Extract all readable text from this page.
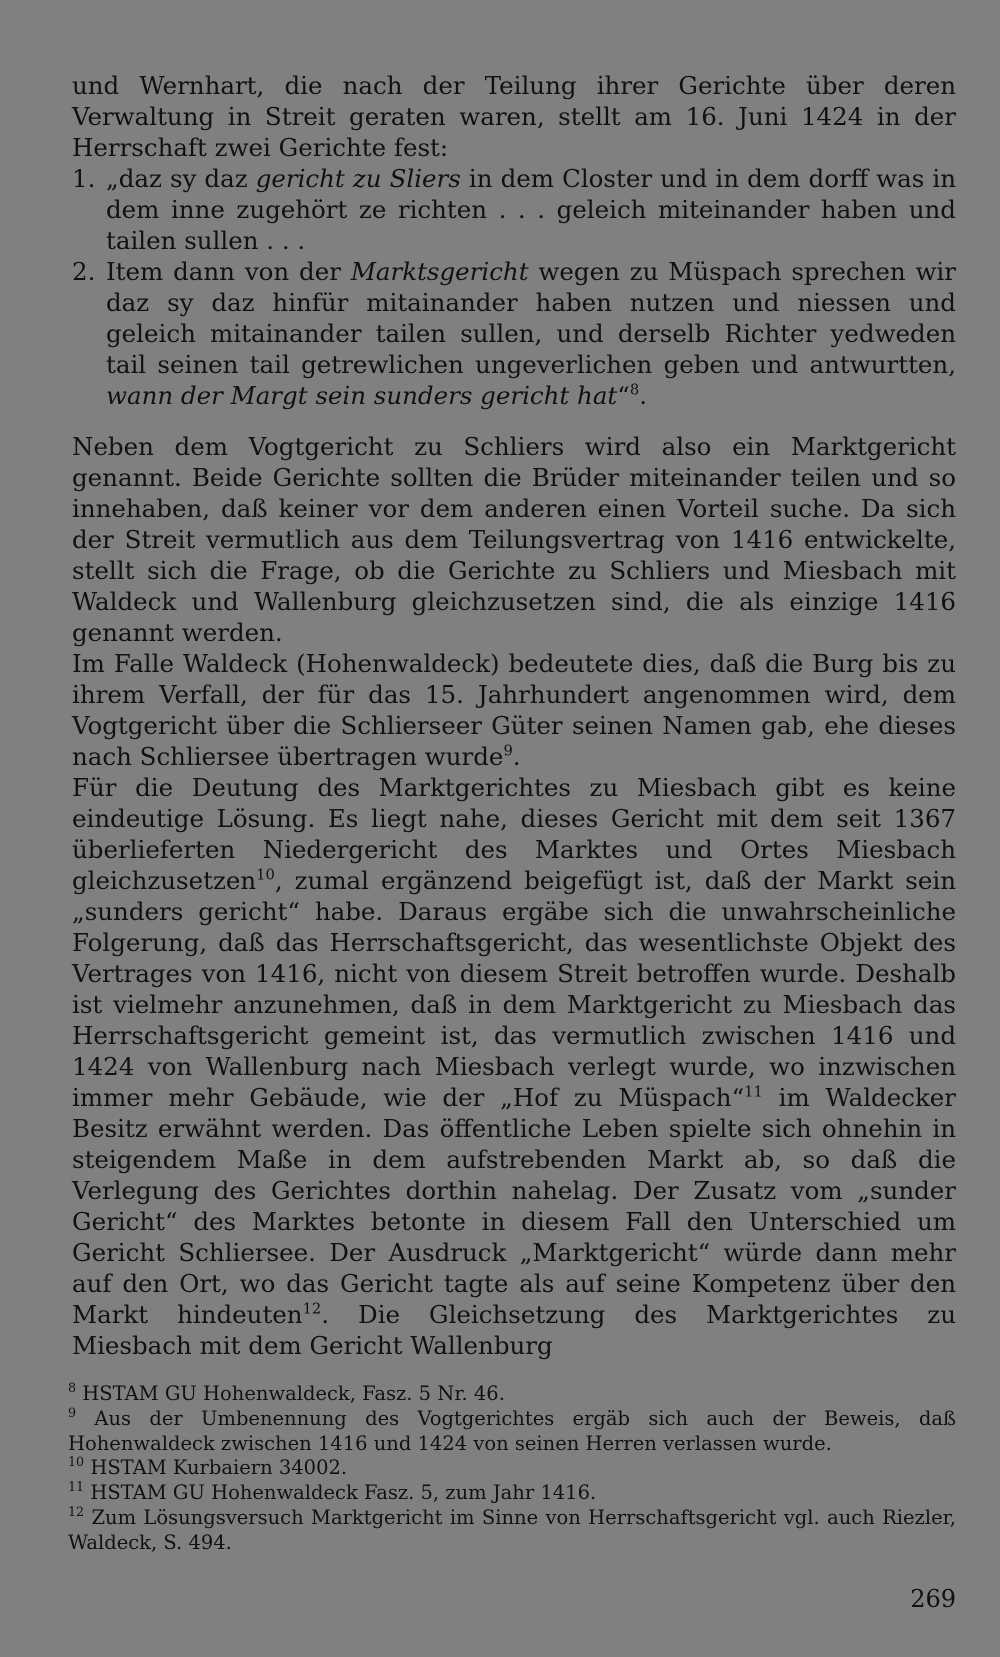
und Wernhart, die nach der Teilung ihrer Gerichte über deren Verwaltung in Streit geraten waren, stellt am 16. Juni 1424 in der Herrschaft zwei Gerichte fest:

1. „daz sy daz gericht zu Sliers in dem Closter und in dem dorff was in dem inne zugehört ze richten . . . geleich miteinander haben und tailen sullen . . .
2. Item dann von der Marktsgericht wegen zu Müspach sprechen wir daz sy daz hinfür mitainander haben nutzen und niessen und geleich mitainander tailen sullen, und derselb Richter yedweden tail seinen tail getrewlichen ungeverlichen geben und antwurtten, wann der Margt sein sunders gericht hat“$^8$.

Neben dem Vogtgericht zu Schliers wird also ein Marktgericht genannt. Beide Gerichte sollten die Brüder miteinander teilen und so innehaben, daß keiner vor dem anderen einen Vorteil suche. Da sich der Streit vermutlich aus dem Teilungsvertrag von 1416 entwickelte, stellt sich die Frage, ob die Gerichte zu Schliers und Miesbach mit Waldeck und Wallenburg gleichzusetzen sind, die als einzige 1416 genannt werden.

Im Falle Waldeck (Hohenwaldeck) bedeutete dies, daß die Burg bis zu ihrem Verfall, der für das 15. Jahrhundert angenommen wird, dem Vogtgericht über die Schlierseer Güter seinen Namen gab, ehe dieses nach Schliersee übertragen wurde$^9$.

Für die Deutung des Marktgerichtes zu Miesbach gibt es keine eindeutige Lösung. Es liegt nahe, dieses Gericht mit dem seit 1367 überlieferten Niedergericht des Marktes und Ortes Miesbach gleichzusetzen$^{10}$, zumal ergänzend beigefügt ist, daß der Markt sein „sunders gericht“ habe. Daraus ergäbe sich die unwahrscheinliche Folgerung, daß das Herrschaftsgericht, das wesentlichste Objekt des Vertrages von 1416, nicht von diesem Streit betroffen wurde. Deshalb ist vielmehr anzunehmen, daß in dem Marktgericht zu Miesbach das Herrschaftsgericht gemeint ist, das vermutlich zwischen 1416 und 1424 von Wallenburg nach Miesbach verlegt wurde, wo inzwischen immer mehr Gebäude, wie der „Hof zu Müspach“$^{11}$ im Waldecker Besitz erwähnt werden. Das öffentliche Leben spielte sich ohnehin in steigendem Maße in dem aufstrebenden Markt ab, so daß die Verlegung des Gerichtes dorthin nahelag. Der Zusatz vom „sunder Gericht“ des Marktes betonte in diesem Fall den Unterschied um Gericht Schliersee. Der Ausdruck „Marktgericht“ würde dann mehr auf den Ort, wo das Gericht tagte als auf seine Kompetenz über den Markt hindeuten$^{12}$. Die Gleichsetzung des Marktgerichtes zu Miesbach mit dem Gericht Wallenburg

$^8$ HSTAM GU Hohenwaldeck, Fasz. 5 Nr. 46.

$^9$ Aus der Umbenennung des Vogtgerichtes ergäb sich auch der Beweis, daß Hohenwaldeck zwischen 1416 und 1424 von seinen Herren verlassen wurde.

$^{10}$ HSTAM Kurbaiern 34002.

$^{11}$ HSTAM GU Hohenwaldeck Fasz. 5, zum Jahr 1416.

$^{12}$ Zum Lösungsversuch Marktgericht im Sinne von Herrschaftsgericht vgl. auch Riezler, Waldeck, S. 494.

269
